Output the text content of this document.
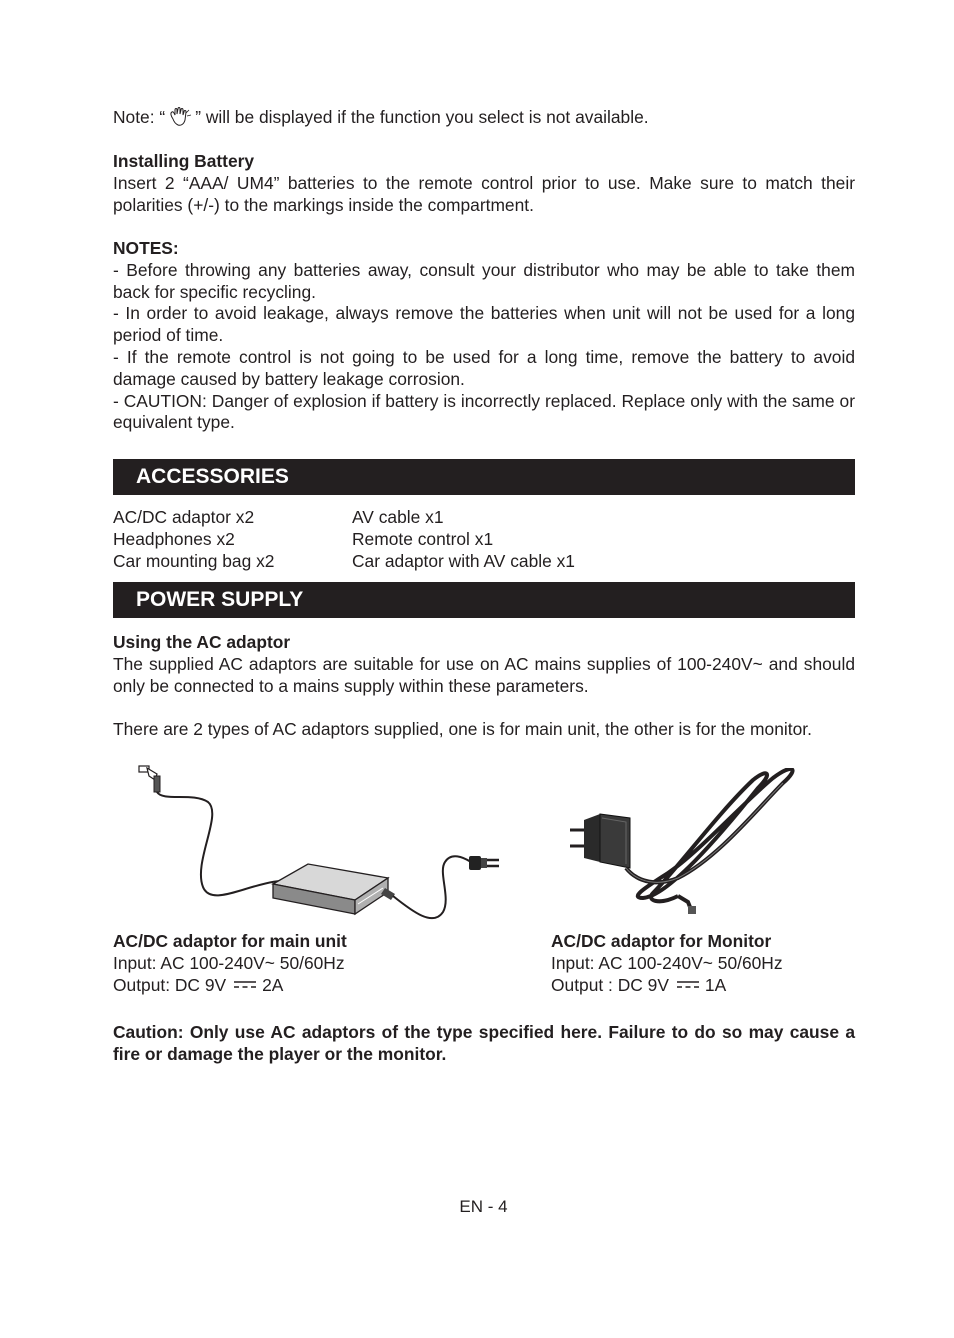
Note: “ ” will be displayed if the function you select is not available.

Installing Battery

Insert 2 “AAA/ UM4” batteries to the remote control prior to use. Make sure to match their polarities (+/-) to the markings inside the compartment.

NOTES:

- Before throwing any batteries away, consult your distributor who may be able to take them back for specific recycling.

- In order to avoid leakage, always remove the batteries when unit will not be used for a long period of time.

- If the remote control is not going to be used for a long time, remove the battery to avoid damage caused by battery leakage corrosion.

- CAUTION: Danger of explosion if battery is incorrectly replaced. Replace only with the same or equivalent type.

ACCESSORIES

AC/DC adaptor x2

Headphones x2

Car mounting bag x2

AV cable x1

Remote control x1

Car adaptor with AV cable x1

POWER SUPPLY

Using the AC adaptor

The supplied AC adaptors are suitable for use on AC mains supplies of 100-240V~ and should only be connected to a mains supply within these parameters.

There are 2 types of AC adaptors supplied, one is for main unit, the other is for the monitor.

AC/DC adaptor for main unit

Input: AC 100-240V~ 50/60Hz

Output: DC 9V 2A

AC/DC adaptor for Monitor

Input: AC 100-240V~ 50/60Hz

Output : DC 9V 1A

Caution: Only use AC adaptors of the type specified here. Failure to do so may cause a fire or damage the player or the monitor.

EN - 4
